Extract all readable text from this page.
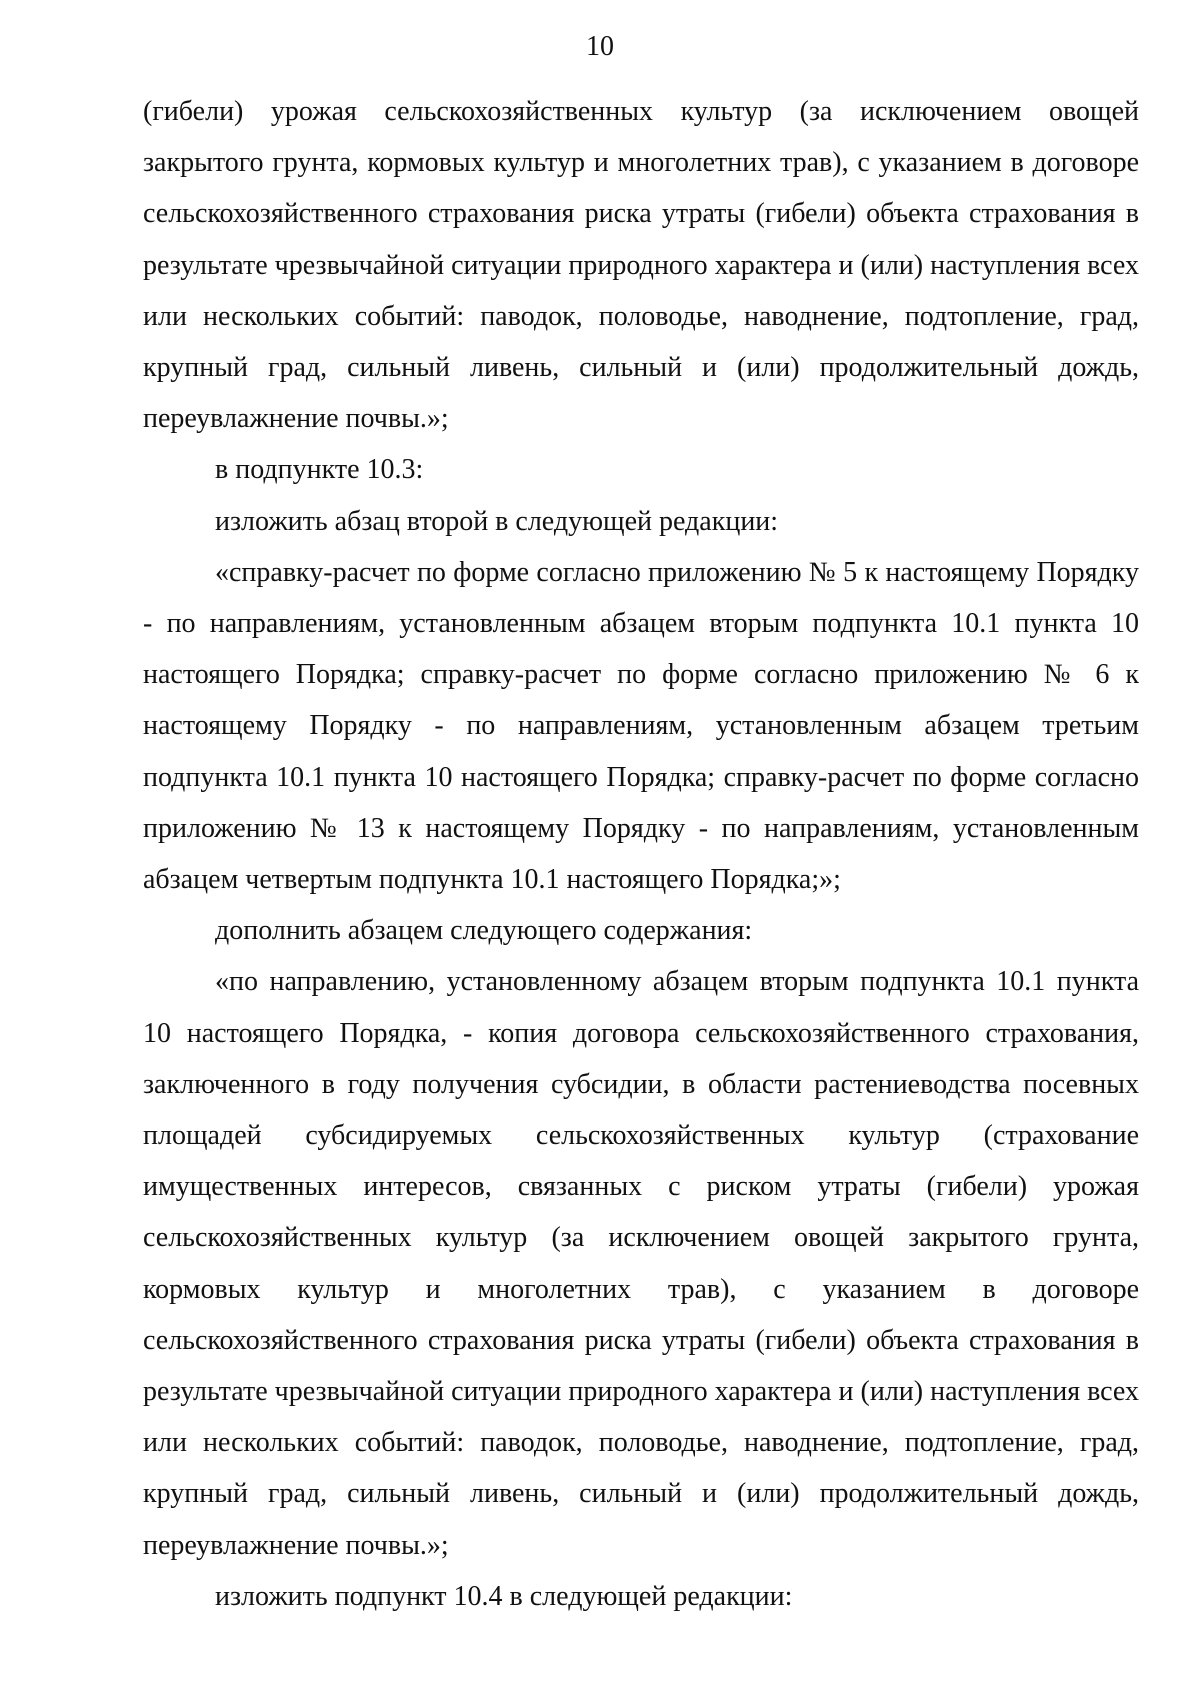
10

(гибели) урожая сельскохозяйственных культур (за исключением овощей закрытого грунта, кормовых культур и многолетних трав), с указанием в договоре сельскохозяйственного страхования риска утраты (гибели) объекта страхования в результате чрезвычайной ситуации природного характера и (или) наступления всех или нескольких событий: паводок, половодье, наводнение, подтопление, град, крупный град, сильный ливень, сильный и (или) продолжительный дождь, переувлажнение почвы.»;

в подпункте 10.3:

изложить абзац второй в следующей редакции:

«справку-расчет по форме согласно приложению № 5 к настоящему Порядку - по направлениям, установленным абзацем вторым подпункта 10.1 пункта 10 настоящего Порядка; справку-расчет по форме согласно приложению № 6 к настоящему Порядку - по направлениям, установленным абзацем третьим подпункта 10.1 пункта 10 настоящего Порядка; справку-расчет по форме согласно приложению № 13 к настоящему Порядку - по направлениям, установленным абзацем четвертым подпункта 10.1 настоящего Порядка;»;

дополнить абзацем следующего содержания:

«по направлению, установленному абзацем вторым подпункта 10.1 пункта 10 настоящего Порядка, - копия договора сельскохозяйственного страхования, заключенного в году получения субсидии, в области растениеводства посевных площадей субсидируемых сельскохозяйственных культур (страхование имущественных интересов, связанных с риском утраты (гибели) урожая сельскохозяйственных культур (за исключением овощей закрытого грунта, кормовых культур и многолетних трав), с указанием в договоре сельскохозяйственного страхования риска утраты (гибели) объекта страхования в результате чрезвычайной ситуации природного характера и (или) наступления всех или нескольких событий: паводок, половодье, наводнение, подтопление, град, крупный град, сильный ливень, сильный и (или) продолжительный дождь, переувлажнение почвы.»;

изложить подпункт 10.4 в следующей редакции:
